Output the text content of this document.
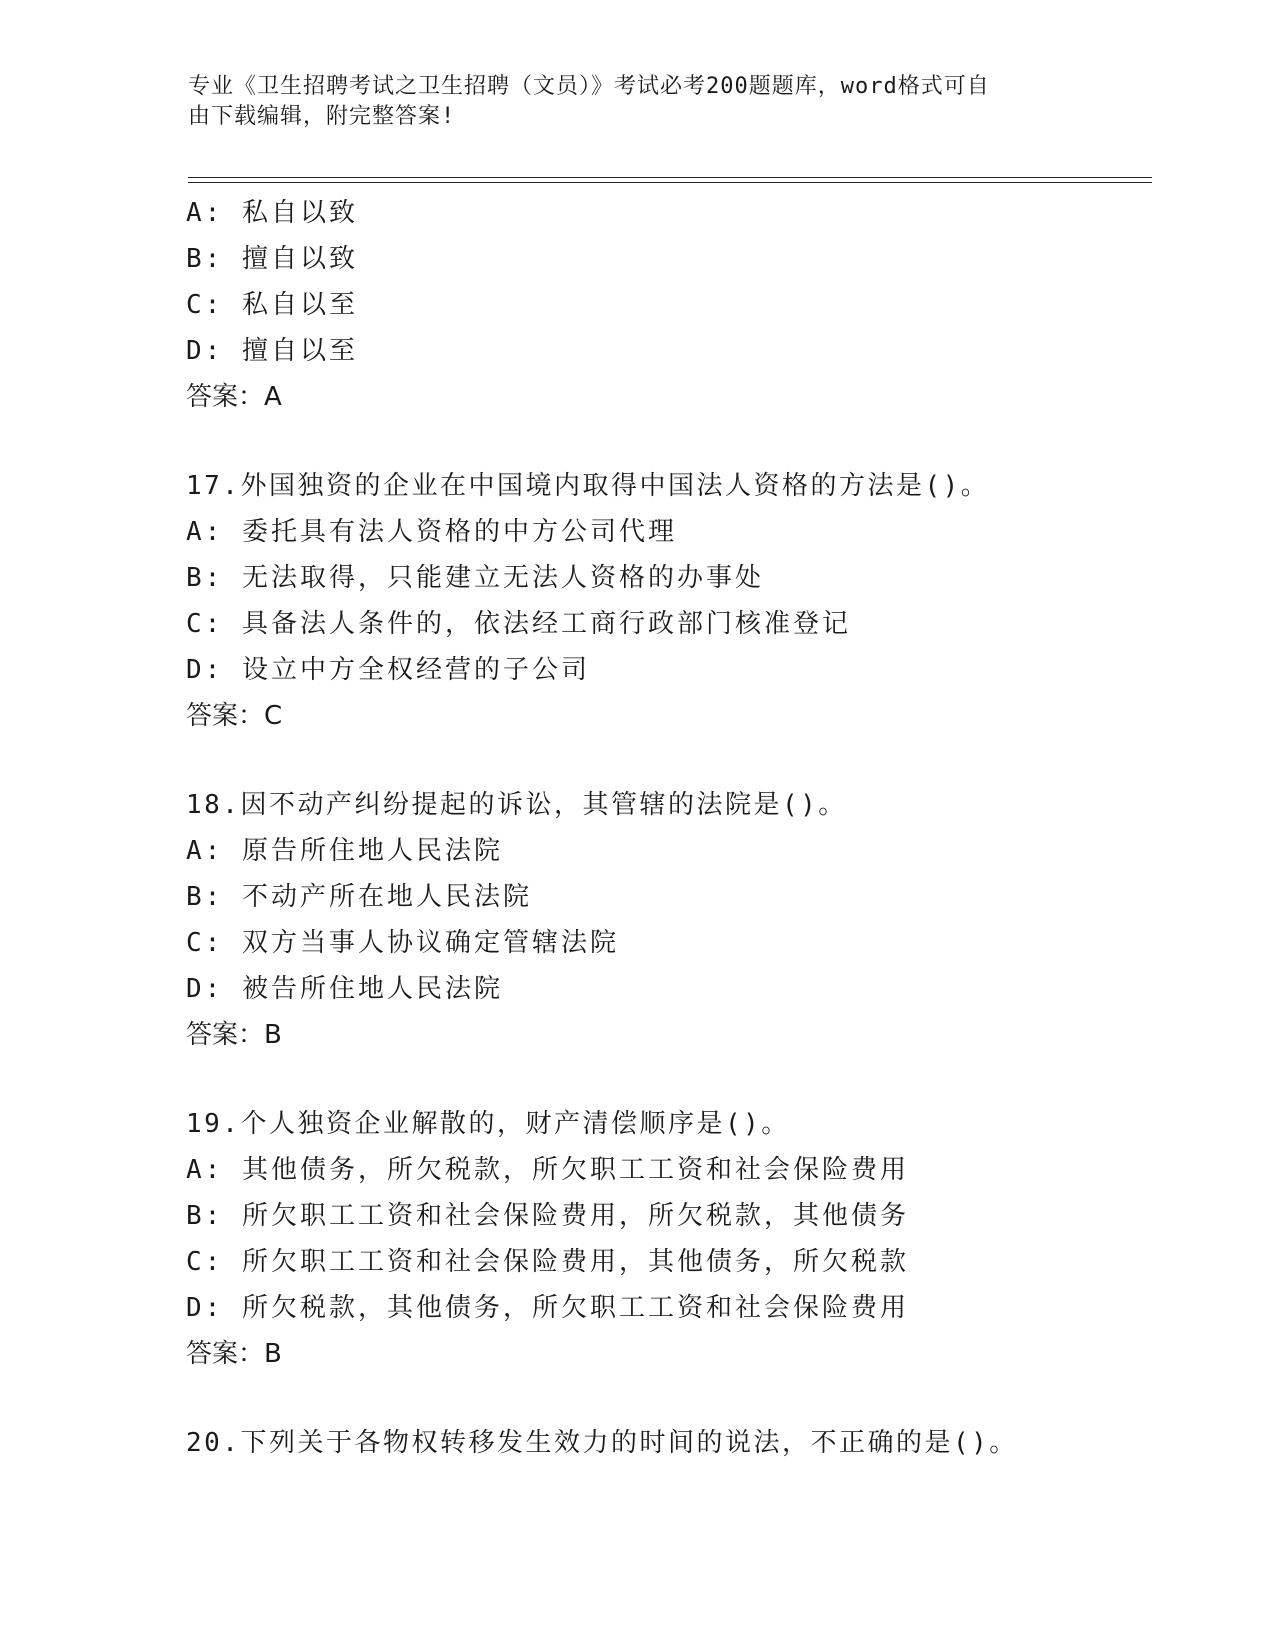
专业《卫生招聘考试之卫生招聘（文员）》考试必考200题题库，word格式可自
由下载编辑，附完整答案!
A: 私自以致
B: 擅自以致
C: 私自以至
D: 擅自以至
答案：A
17.外国独资的企业在中国境内取得中国法人资格的方法是()。
A: 委托具有法人资格的中方公司代理
B: 无法取得，只能建立无法人资格的办事处
C: 具备法人条件的，依法经工商行政部门核准登记
D: 设立中方全权经营的子公司
答案：C
18.因不动产纠纷提起的诉讼，其管辖的法院是()。
A: 原告所住地人民法院
B: 不动产所在地人民法院
C: 双方当事人协议确定管辖法院
D: 被告所住地人民法院
答案：B
19.个人独资企业解散的，财产清偿顺序是()。
A: 其他债务，所欠税款，所欠职工工资和社会保险费用
B: 所欠职工工资和社会保险费用，所欠税款，其他债务
C: 所欠职工工资和社会保险费用，其他债务，所欠税款
D: 所欠税款，其他债务，所欠职工工资和社会保险费用
答案：B
20.下列关于各物权转移发生效力的时间的说法，不正确的是()。
